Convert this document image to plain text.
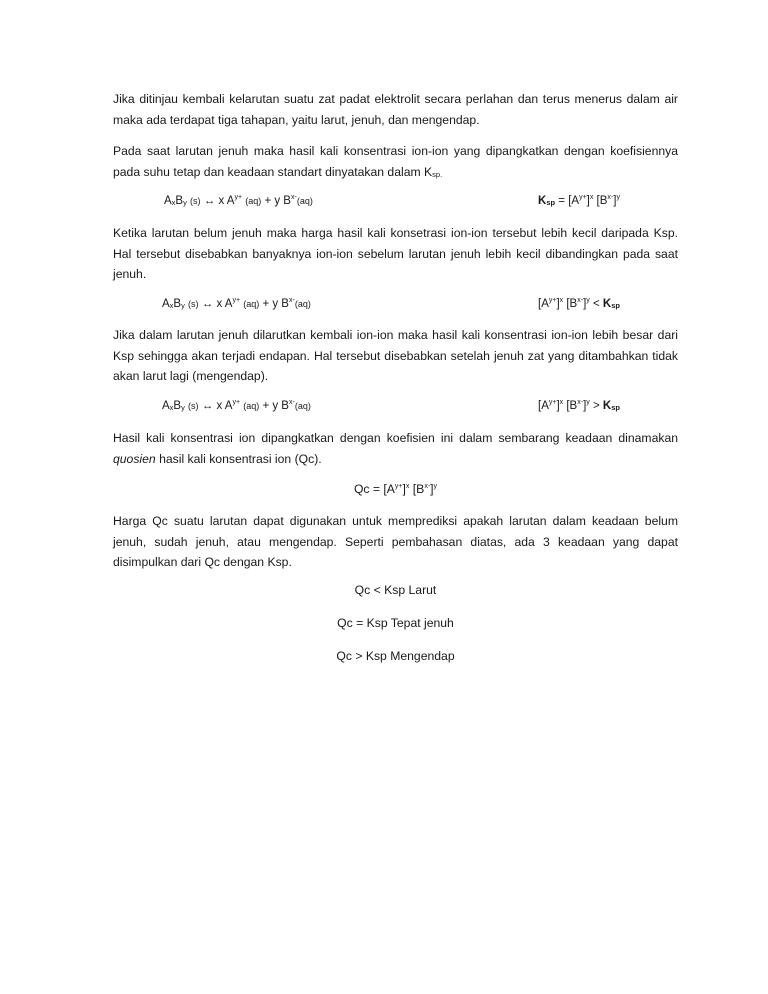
Jika ditinjau kembali kelarutan suatu zat padat elektrolit secara perlahan dan terus menerus dalam air maka ada terdapat tiga tahapan, yaitu larut, jenuh, dan mengendap.

Pada saat larutan jenuh maka hasil kali konsentrasi ion-ion yang dipangkatkan dengan koefisiennya pada suhu tetap dan keadaan standart dinyatakan dalam $K_{sp.}$

$A_xB_y$ (s) ↔ x $A^{y+}$ (aq) + y $B^{x-}(aq)$	$K_{sp} = [A^{y+}]^x$ $[B^{x-}]^y$

Ketika larutan belum jenuh maka harga hasil kali konsetrasi ion-ion tersebut lebih kecil daripada Ksp. Hal tersebut disebabkan banyaknya ion-ion sebelum larutan jenuh lebih kecil dibandingkan pada saat jenuh.

$A_xB_y$ (s) ↔ x $A^{y+}$ (aq) + y $B^{x-}(aq)$	$[A^{y+}]^x$ $[B^{x-}]^y < K_{sp}$

Jika dalam larutan jenuh dilarutkan kembali ion-ion maka hasil kali konsentrasi ion-ion lebih besar dari Ksp sehingga akan terjadi endapan. Hal tersebut disebabkan setelah jenuh zat yang ditambahkan tidak akan larut lagi (mengendap).

$A_xB_y$ (s) ↔ x $A^{y+}$ (aq) + y $B^{x-}(aq)$	$[A^{y+}]^x$ $[B^{x-}]^y > K_{sp}$

Hasil kali konsentrasi ion dipangkatkan dengan koefisien ini dalam sembarang keadaan dinamakan quosien hasil kali konsentrasi ion (Qc).

$Qc = [A^{y+}]^x$ $[B^{x-}]^y$

Harga Qc suatu larutan dapat digunakan untuk memprediksi apakah larutan dalam keadaan belum jenuh, sudah jenuh, atau mengendap. Seperti pembahasan diatas, ada 3 keadaan yang dapat disimpulkan dari Qc dengan Ksp.

Qc < Ksp Larut
Qc = Ksp Tepat jenuh
Qc > Ksp Mengendap
